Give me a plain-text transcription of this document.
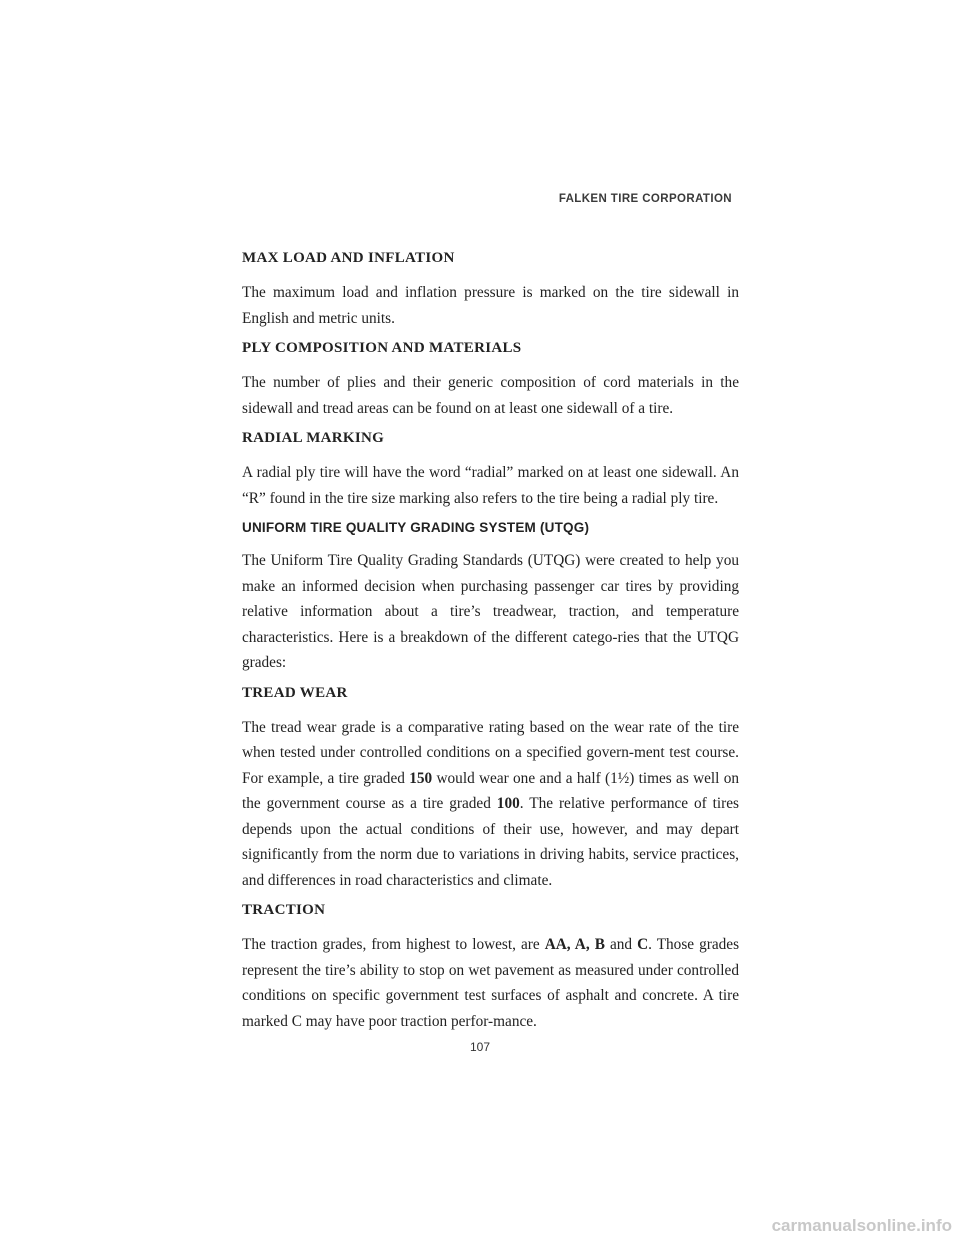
FALKEN TIRE CORPORATION
MAX LOAD AND INFLATION

The maximum load and inflation pressure is marked on the tire sidewall in English and metric units.

PLY COMPOSITION AND MATERIALS

The number of plies and their generic composition of cord materials in the sidewall and tread areas can be found on at least one sidewall of a tire.

RADIAL MARKING

A radial ply tire will have the word “radial” marked on at least one sidewall. An “R” found in the tire size marking also refers to the tire being a radial ply tire.

UNIFORM TIRE QUALITY GRADING SYSTEM (UTQG)

The Uniform Tire Quality Grading Standards (UTQG) were created to help you make an informed decision when purchasing passenger car tires by providing relative information about a tire’s treadwear, traction, and temperature characteristics. Here is a breakdown of the different catego-ries that the UTQG grades:

TREAD WEAR

The tread wear grade is a comparative rating based on the wear rate of the tire when tested under controlled conditions on a specified govern-ment test course. For example, a tire graded 150 would wear one and a half (1½) times as well on the government course as a tire graded 100. The relative performance of tires depends upon the actual conditions of their use, however, and may depart significantly from the norm due to variations in driving habits, service practices, and differences in road characteristics and climate.

TRACTION

The traction grades, from highest to lowest, are AA, A, B and C. Those grades represent the tire’s ability to stop on wet pavement as measured under controlled conditions on specific government test surfaces of asphalt and concrete. A tire marked C may have poor traction perfor-mance.

107
carmanualsonline.info
